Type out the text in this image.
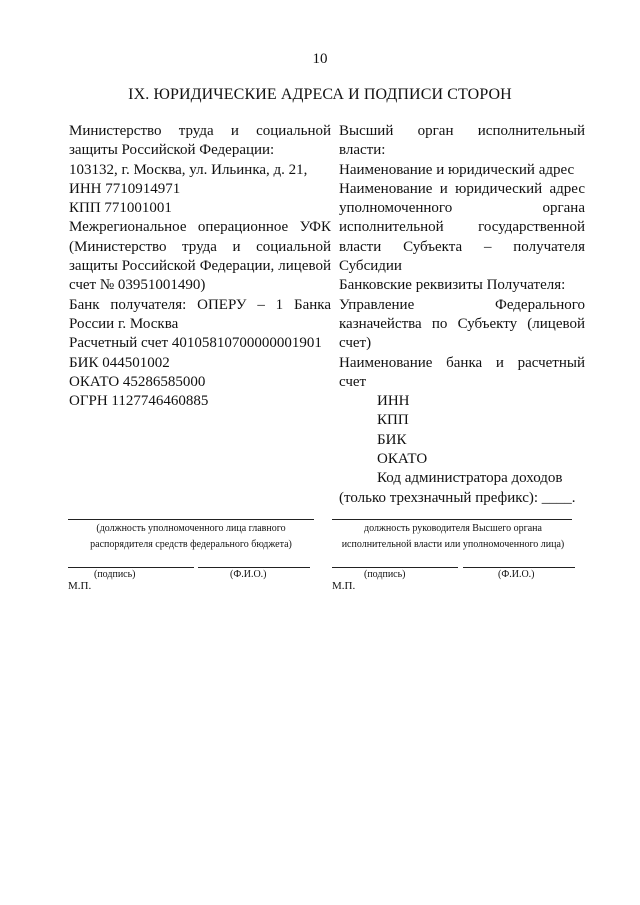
10
IX. ЮРИДИЧЕСКИЕ АДРЕСА И ПОДПИСИ СТОРОН

Министерство труда и социальной защиты Российской Федерации:

103132, г. Москва, ул. Ильинка, д. 21,

ИНН 7710914971

КПП 771001001

Межрегиональное операционное УФК (Министерство труда и социальной защиты Российской Федерации, лицевой счет № 03951001490)

Банк получателя: ОПЕРУ – 1 Банка России г. Москва

Расчетный счет 40105810700000001901

БИК 044501002

ОКАТО 45286585000

ОГРН 1127746460885

Высший орган исполнительный власти:

Наименование и юридический адрес

Наименование и юридический адрес уполномоченного органа исполнительной государственной власти Субъекта – получателя Субсидии

Банковские реквизиты Получателя:

Управление Федерального казначейства по Субъекту (лицевой счет)

Наименование банка и расчетный счет

ИНН

КПП

БИК

ОКАТО

Код администратора доходов

(только трехзначный префикс): ____.

(должность уполномоченного лица главного
распорядителя средств федерального бюджета)
(подпись)	(Ф.И.О.)
М.П.
должность руководителя Высшего органа
исполнительной власти или уполномоченного лица)
(подпись)	(Ф.И.О.)
М.П.
